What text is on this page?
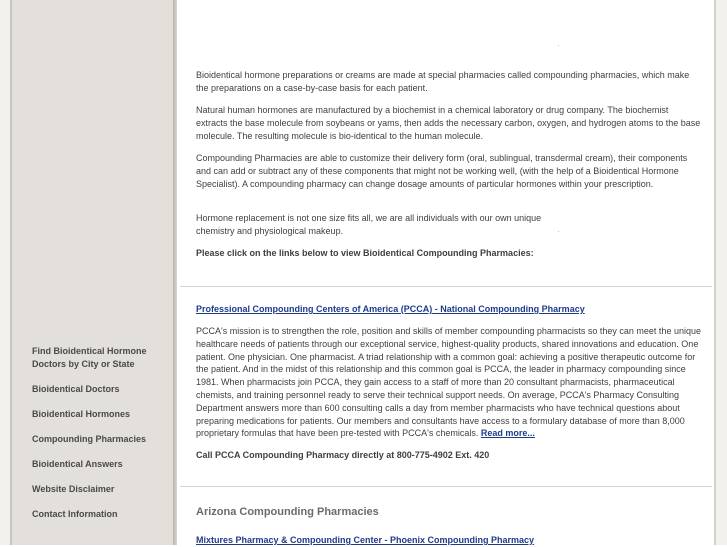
Find Bioidentical Hormone Doctors by City or State
Bioidentical Doctors
Bioidentical Hormones
Compounding Pharmacies
Bioidentical Answers
Website Disclaimer
Contact Information

Bioidentical hormone preparations or creams are made at special pharmacies called compounding pharmacies, which make the preparations on a case-by-case basis for each patient.

Natural human hormones are manufactured by a biochemist in a chemical laboratory or drug company. The biochemist extracts the base molecule from soybeans or yams, then adds the necessary carbon, oxygen, and hydrogen atoms to the base molecule. The resulting molecule is bio-identical to the human molecule.

Compounding Pharmacies are able to customize their delivery form (oral, sublingual, transdermal cream), their components and can add or subtract any of these components that might not be working well, (with the help of a Bioidentical Hormone Specialist). A compounding pharmacy can change dosage amounts of particular hormones within your prescription.

Hormone replacement is not one size fits all, we are all individuals with our own unique chemistry and physiological makeup.

Please click on the links below to view Bioidentical Compounding Pharmacies:

Professional Compounding Centers of America (PCCA) - National Compounding Pharmacy

PCCA's mission is to strengthen the role, position and skills of member compounding pharmacists so they can meet the unique healthcare needs of patients through our exceptional service, highest-quality products, shared innovations and education. One patient. One physician. One pharmacist. A triad relationship with a common goal: achieving a positive therapeutic outcome for the patient. And in the midst of this relationship and this common goal is PCCA, the leader in pharmacy compounding since 1981. When pharmacists join PCCA, they gain access to a staff of more than 20 consultant pharmacists, pharmaceutical chemists, and training personnel ready to serve their technical support needs. On average, PCCA's Pharmacy Consulting Department answers more than 600 consulting calls a day from member pharmacists who have technical questions about preparing medications for patients. Our members and consultants have access to a formulary database of more than 8,000 proprietary formulas that have been pre-tested with PCCA's chemicals. Read more...

Call PCCA Compounding Pharmacy directly at 800-775-4902 Ext. 420

Arizona Compounding Pharmacies
Mixtures Pharmacy & Compounding Center - Phoenix Compounding Pharmacy
